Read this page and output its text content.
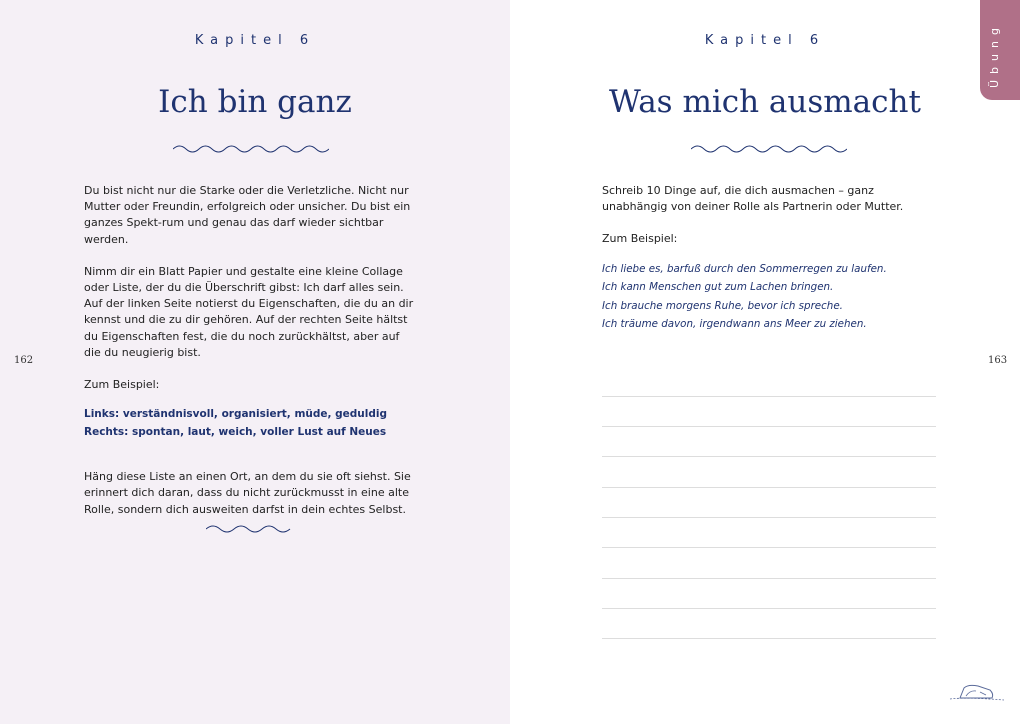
Kapitel 6
Ich bin ganz

Du bist nicht nur die Starke oder die Verletzliche. Nicht nur Mutter oder Freundin, erfolgreich oder unsicher. Du bist ein ganzes Spekt-rum und genau das darf wieder sichtbar werden.

Nimm dir ein Blatt Papier und gestalte eine kleine Collage oder Liste, der du die Überschrift gibst: Ich darf alles sein. Auf der linken Seite notierst du Eigenschaften, die du an dir kennst und die zu dir gehören. Auf der rechten Seite hältst du Eigenschaften fest, die du noch zurückhältst, aber auf die du neugierig bist.

Zum Beispiel:

Links: verständnisvoll, organisiert, müde, geduldig

Rechts: spontan, laut, weich, voller Lust auf Neues

Häng diese Liste an einen Ort, an dem du sie oft siehst. Sie erinnert dich daran, dass du nicht zurückmusst in eine alte Rolle, sondern dich ausweiten darfst in dein echtes Selbst.

162
Übung
Kapitel 6
Was mich ausmacht

Schreib 10 Dinge auf, die dich ausmachen – ganz unabhängig von deiner Rolle als Partnerin oder Mutter.

Zum Beispiel:

Ich liebe es, barfuß durch den Sommerregen zu laufen.

Ich kann Menschen gut zum Lachen bringen.

Ich brauche morgens Ruhe, bevor ich spreche.

Ich träume davon, irgendwann ans Meer zu ziehen.

163
